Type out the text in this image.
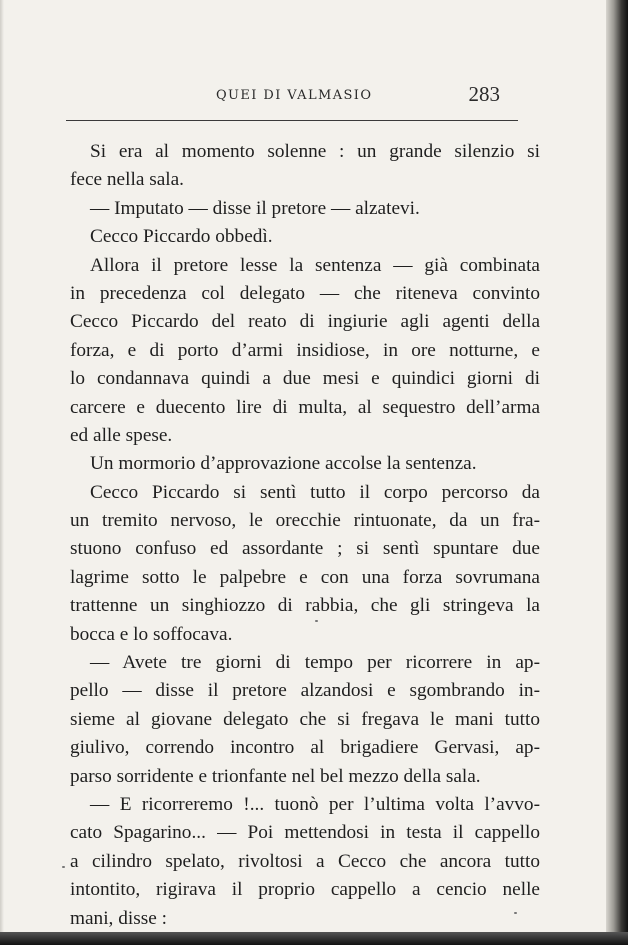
QUEI DI VALMASIO	283
Si era al momento solenne : un grande silenzio si
fece nella sala.
— Imputato — disse il pretore — alzatevi.
Cecco Piccardo obbedì.
Allora il pretore lesse la sentenza — già combinata
in precedenza col delegato — che riteneva convinto
Cecco Piccardo del reato di ingiurie agli agenti della
forza, e di porto d’armi insidiose, in ore notturne, e
lo condannava quindi a due mesi e quindici giorni di
carcere e duecento lire di multa, al sequestro dell’arma
ed alle spese.
Un mormorio d’approvazione accolse la sentenza.
Cecco Piccardo si sentì tutto il corpo percorso da
un tremito nervoso, le orecchie rintuonate, da un fra-
stuono confuso ed assordante ; si sentì spuntare due
lagrime sotto le palpebre e con una forza sovrumana
trattenne un singhiozzo di rabbia, che gli stringeva la
bocca e lo soffocava.
— Avete tre giorni di tempo per ricorrere in ap-
pello — disse il pretore alzandosi e sgombrando in-
sieme al giovane delegato che si fregava le mani tutto
giulivo, correndo incontro al brigadiere Gervasi, ap-
parso sorridente e trionfante nel bel mezzo della sala.
— E ricorreremo !... tuonò per l’ultima volta l’avvo-
cato Spagarino... — Poi mettendosi in testa il cappello
a cilindro spelato, rivoltosi a Cecco che ancora tutto
intontito, rigirava il proprio cappello a cencio nelle
mani, disse :
